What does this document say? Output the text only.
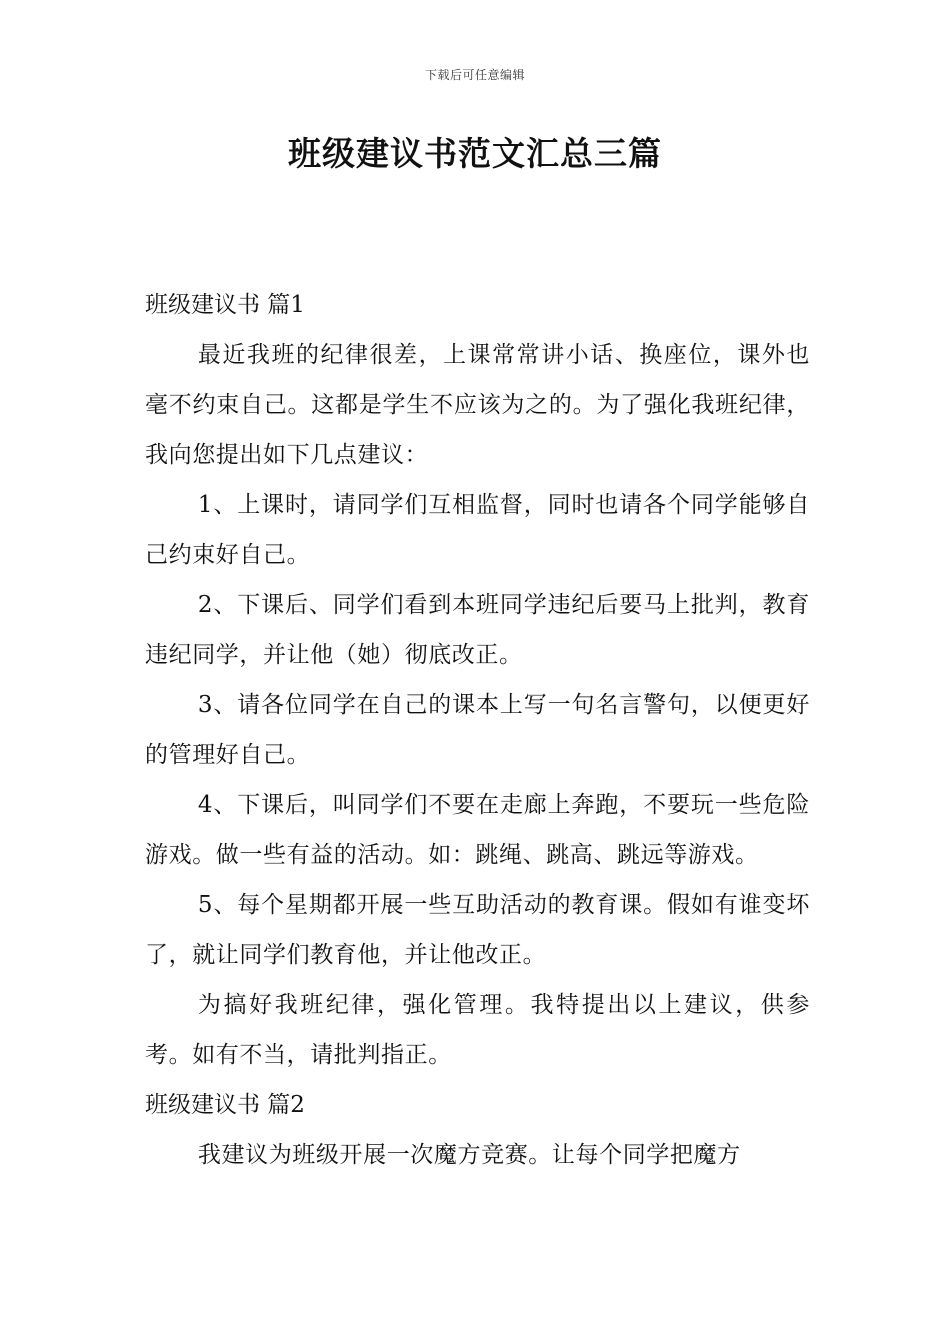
下载后可任意编辑
班级建议书范文汇总三篇
班级建议书 篇1

最近我班的纪律很差，上课常常讲小话、换座位，课外也毫不约束自己。这都是学生不应该为之的。为了强化我班纪律，我向您提出如下几点建议：

1、上课时，请同学们互相监督，同时也请各个同学能够自己约束好自己。

2、下课后、同学们看到本班同学违纪后要马上批判，教育违纪同学，并让他（她）彻底改正。

3、请各位同学在自己的课本上写一句名言警句，以便更好的管理好自己。

4、下课后，叫同学们不要在走廊上奔跑，不要玩一些危险游戏。做一些有益的活动。如：跳绳、跳高、跳远等游戏。

5、每个星期都开展一些互助活动的教育课。假如有谁变坏了，就让同学们教育他，并让他改正。

为搞好我班纪律，强化管理。我特提出以上建议，供参考。如有不当，请批判指正。

班级建议书 篇2

我建议为班级开展一次魔方竞赛。让每个同学把魔方
